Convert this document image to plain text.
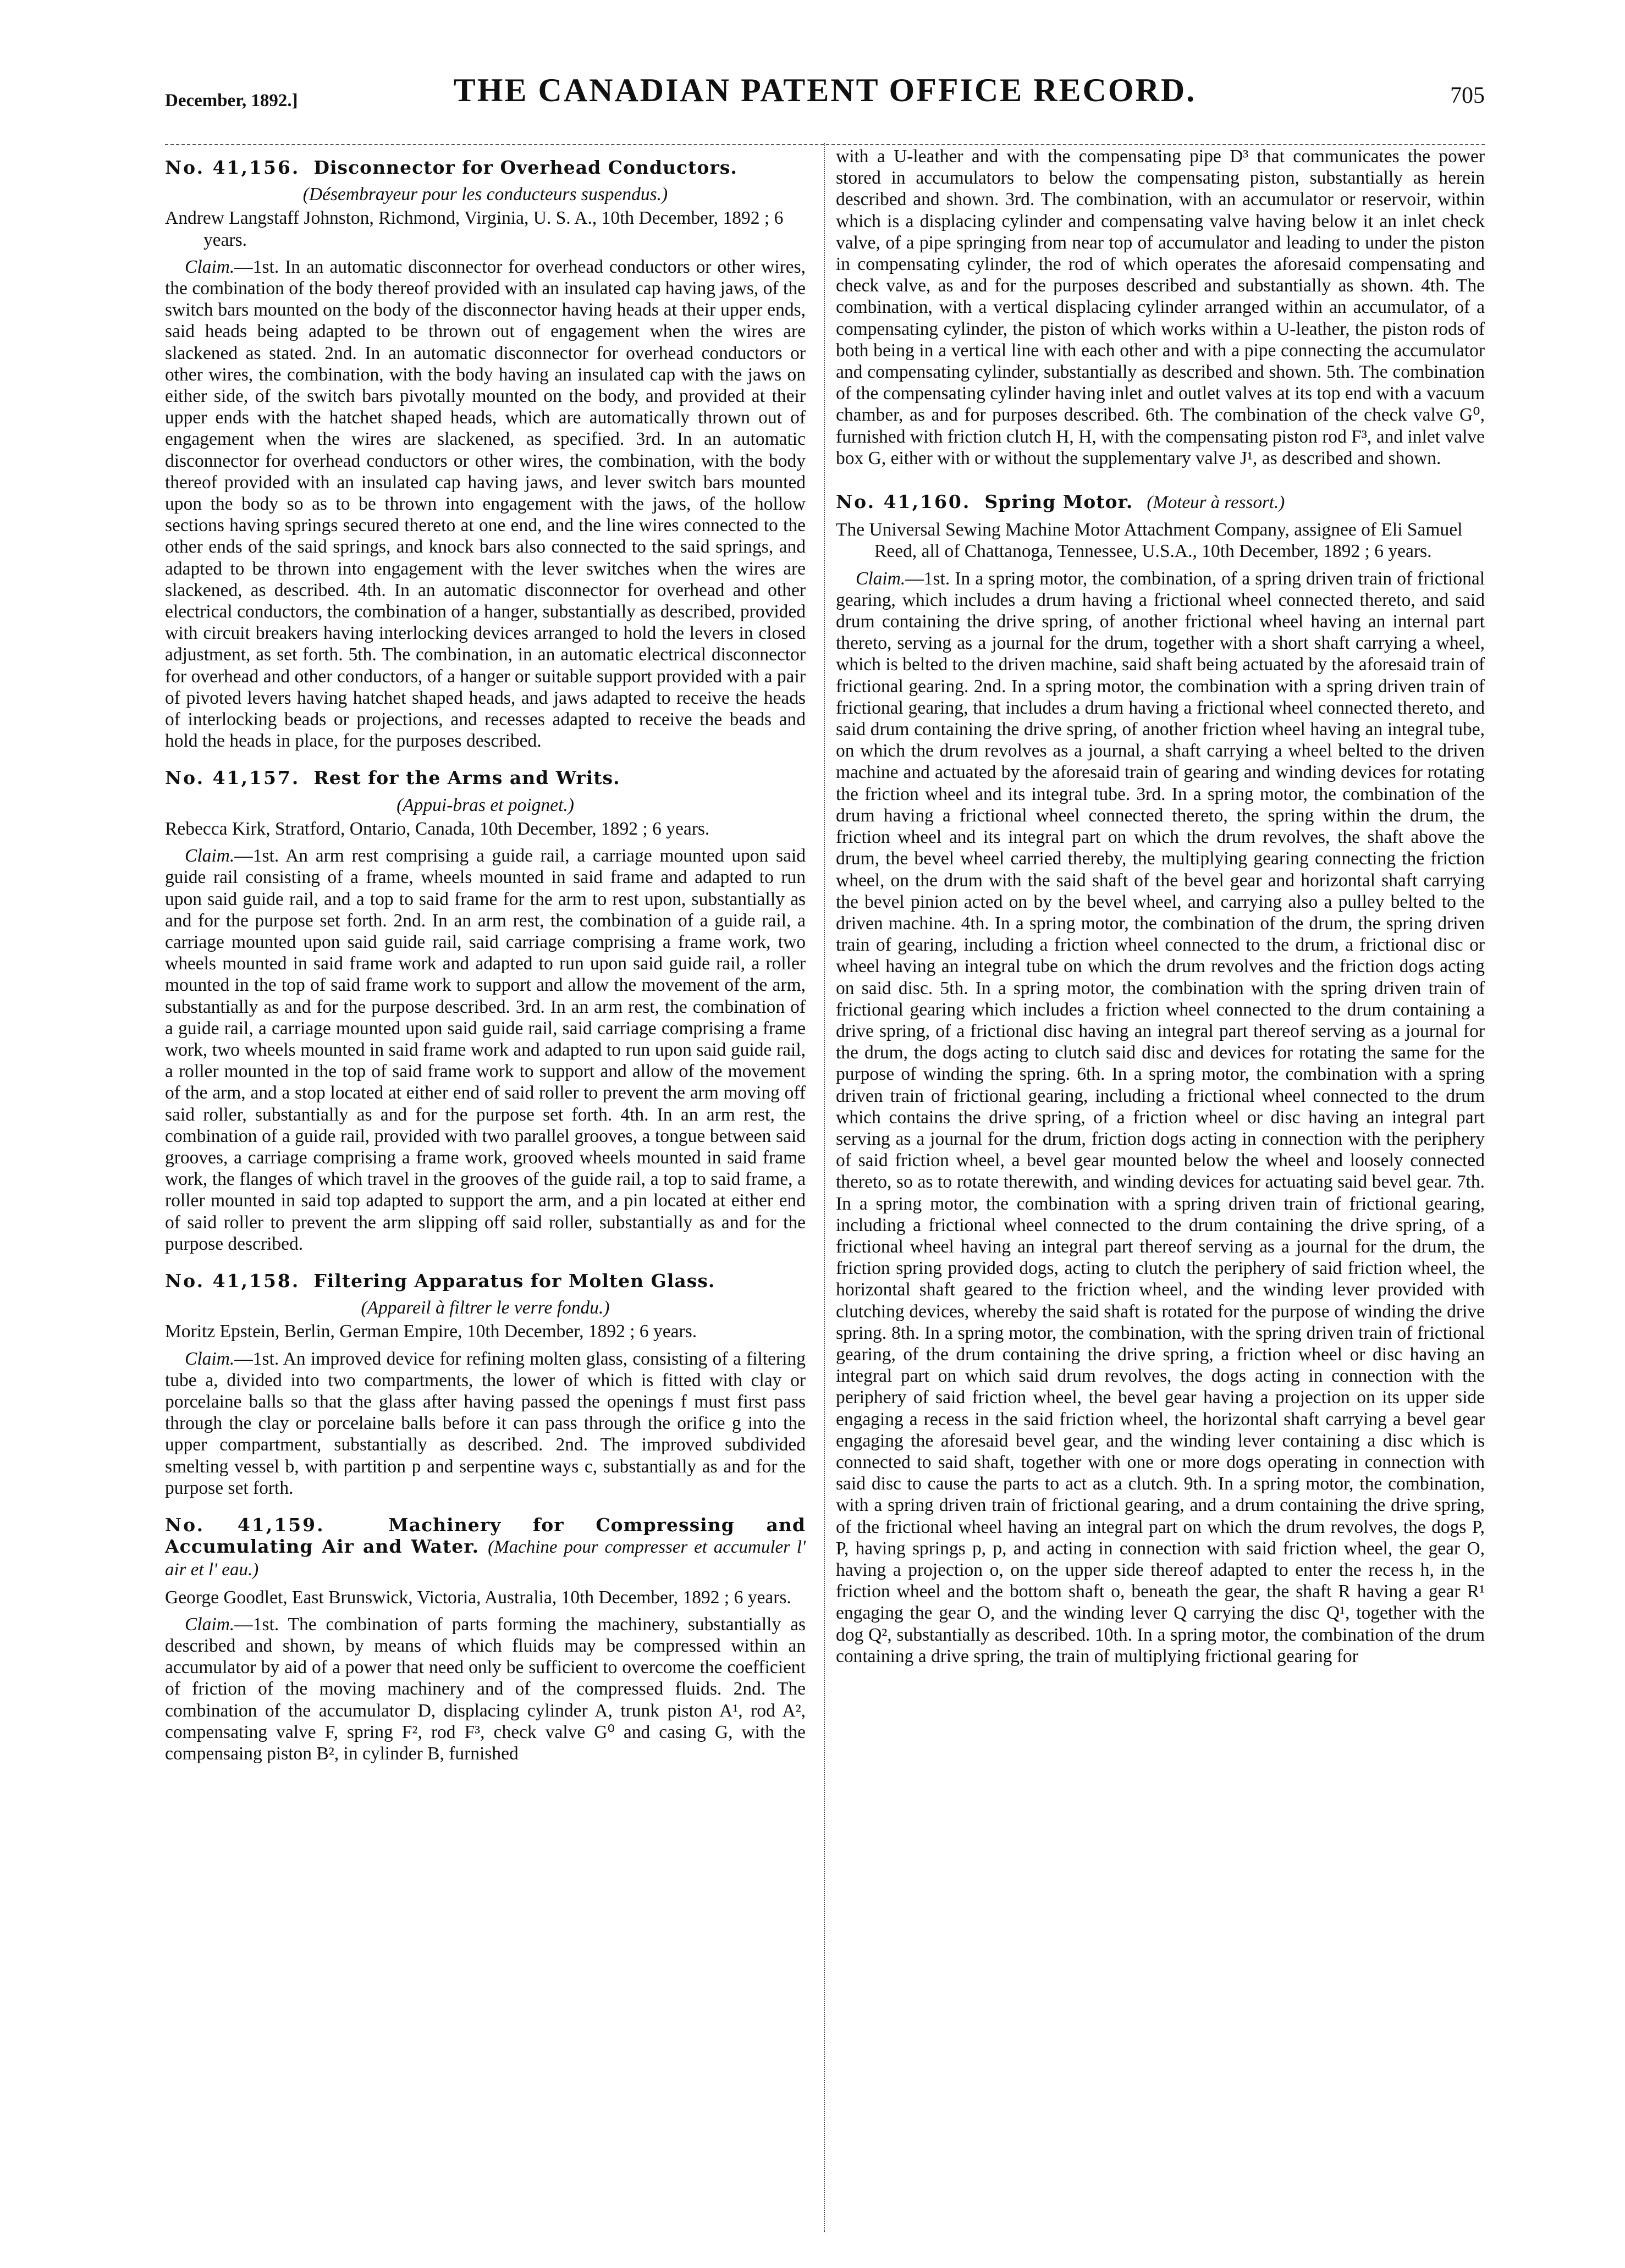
December, 1892.]	THE CANADIAN PATENT OFFICE RECORD.	705
No. 41,156. Disconnector for Overhead Conductors.
(Désembrayeur pour les conducteurs suspendus.)
Andrew Langstaff Johnston, Richmond, Virginia, U. S. A., 10th December, 1892 ; 6 years.

Claim.—1st. In an automatic disconnector for overhead conductors or other wires, the combination of the body thereof provided with an insulated cap having jaws, of the switch bars mounted on the body of the disconnector having heads at their upper ends, said heads being adapted to be thrown out of engagement when the wires are slackened as stated. 2nd. In an automatic disconnector for overhead conductors or other wires, the combination, with the body having an insulated cap with the jaws on either side, of the switch bars pivotally mounted on the body, and provided at their upper ends with the hatchet shaped heads, which are automatically thrown out of engagement when the wires are slackened, as specified. 3rd. In an automatic disconnector for overhead conductors or other wires, the combination, with the body thereof provided with an insulated cap having jaws, and lever switch bars mounted upon the body so as to be thrown into engagement with the jaws, of the hollow sections having springs secured thereto at one end, and the line wires connected to the other ends of the said springs, and knock bars also connected to the said springs, and adapted to be thrown into engagement with the lever switches when the wires are slackened, as described. 4th. In an automatic disconnector for overhead and other electrical conductors, the combination of a hanger, substantially as described, provided with circuit breakers having interlocking devices arranged to hold the levers in closed adjustment, as set forth. 5th. The combination, in an automatic electrical disconnector for overhead and other conductors, of a hanger or suitable support provided with a pair of pivoted levers having hatchet shaped heads, and jaws adapted to receive the heads of interlocking beads or projections, and recesses adapted to receive the beads and hold the heads in place, for the purposes described.

No. 41,157. Rest for the Arms and Writs.
(Appui-bras et poignet.)
Rebecca Kirk, Stratford, Ontario, Canada, 10th December, 1892 ; 6 years.

Claim.—1st. An arm rest comprising a guide rail, a carriage mounted upon said guide rail consisting of a frame, wheels mounted in said frame and adapted to run upon said guide rail, and a top to said frame for the arm to rest upon, substantially as and for the purpose set forth. 2nd. In an arm rest, the combination of a guide rail, a carriage mounted upon said guide rail, said carriage comprising a frame work, two wheels mounted in said frame work and adapted to run upon said guide rail, a roller mounted in the top of said frame work to support and allow the movement of the arm, substantially as and for the purpose described. 3rd. In an arm rest, the combination of a guide rail, a carriage mounted upon said guide rail, said carriage comprising a frame work, two wheels mounted in said frame work and adapted to run upon said guide rail, a roller mounted in the top of said frame work to support and allow of the movement of the arm, and a stop located at either end of said roller to prevent the arm moving off said roller, substantially as and for the purpose set forth. 4th. In an arm rest, the combination of a guide rail, provided with two parallel grooves, a tongue between said grooves, a carriage comprising a frame work, grooved wheels mounted in said frame work, the flanges of which travel in the grooves of the guide rail, a top to said frame, a roller mounted in said top adapted to support the arm, and a pin located at either end of said roller to prevent the arm slipping off said roller, substantially as and for the purpose described.

No. 41,158. Filtering Apparatus for Molten Glass.
(Appareil à filtrer le verre fondu.)
Moritz Epstein, Berlin, German Empire, 10th December, 1892 ; 6 years.

Claim.—1st. An improved device for refining molten glass, consisting of a filtering tube a, divided into two compartments, the lower of which is fitted with clay or porcelaine balls so that the glass after having passed the openings f must first pass through the clay or porcelaine balls before it can pass through the orifice g into the upper compartment, substantially as described. 2nd. The improved subdivided smelting vessel b, with partition p and serpentine ways c, substantially as and for the purpose set forth.

No. 41,159.	Machinery for Compressing and Accumulating Air and Water. (Machine pour compresser et accumuler l' air et l' eau.)
George Goodlet, East Brunswick, Victoria, Australia, 10th December, 1892 ; 6 years.

Claim.—1st. The combination of parts forming the machinery, substantially as described and shown, by means of which fluids may be compressed within an accumulator by aid of a power that need only be sufficient to overcome the coefficient of friction of the moving machinery and of the compressed fluids. 2nd. The combination of the accumulator D, displacing cylinder A, trunk piston A¹, rod A², compensating valve F, spring F², rod F³, check valve G⁰ and casing G, with the compensaing piston B², in cylinder B, furnished

with a U-leather and with the compensating pipe D³ that communicates the power stored in accumulators to below the compensating piston, substantially as herein described and shown. 3rd. The combination, with an accumulator or reservoir, within which is a displacing cylinder and compensating valve having below it an inlet check valve, of a pipe springing from near top of accumulator and leading to under the piston in compensating cylinder, the rod of which operates the aforesaid compensating and check valve, as and for the purposes described and substantially as shown. 4th. The combination, with a vertical displacing cylinder arranged within an accumulator, of a compensating cylinder, the piston of which works within a U-leather, the piston rods of both being in a vertical line with each other and with a pipe connecting the accumulator and compensating cylinder, substantially as described and shown. 5th. The combination of the compensating cylinder having inlet and outlet valves at its top end with a vacuum chamber, as and for purposes described. 6th. The combination of the check valve G⁰, furnished with friction clutch H, H, with the compensating piston rod F³, and inlet valve box G, either with or without the supplementary valve J¹, as described and shown.

No. 41,160. Spring Motor. (Moteur à ressort.)
The Universal Sewing Machine Motor Attachment Company, assignee of Eli Samuel Reed, all of Chattanoga, Tennessee, U.S.A., 10th December, 1892 ; 6 years.

Claim.—1st. In a spring motor, the combination, of a spring driven train of frictional gearing, which includes a drum having a frictional wheel connected thereto, and said drum containing the drive spring, of another frictional wheel having an internal part thereto, serving as a journal for the drum, together with a short shaft carrying a wheel, which is belted to the driven machine, said shaft being actuated by the aforesaid train of frictional gearing. 2nd. In a spring motor, the combination with a spring driven train of frictional gearing, that includes a drum having a frictional wheel connected thereto, and said drum containing the drive spring, of another friction wheel having an integral tube, on which the drum revolves as a journal, a shaft carrying a wheel belted to the driven machine and actuated by the aforesaid train of gearing and winding devices for rotating the friction wheel and its integral tube. 3rd. In a spring motor, the combination of the drum having a frictional wheel connected thereto, the spring within the drum, the friction wheel and its integral part on which the drum revolves, the shaft above the drum, the bevel wheel carried thereby, the multiplying gearing connecting the friction wheel, on the drum with the said shaft of the bevel gear and horizontal shaft carrying the bevel pinion acted on by the bevel wheel, and carrying also a pulley belted to the driven machine. 4th. In a spring motor, the combination of the drum, the spring driven train of gearing, including a friction wheel connected to the drum, a frictional disc or wheel having an integral tube on which the drum revolves and the friction dogs acting on said disc. 5th. In a spring motor, the combination with the spring driven train of frictional gearing which includes a friction wheel connected to the drum containing a drive spring, of a frictional disc having an integral part thereof serving as a journal for the drum, the dogs acting to clutch said disc and devices for rotating the same for the purpose of winding the spring. 6th. In a spring motor, the combination with a spring driven train of frictional gearing, including a frictional wheel connected to the drum which contains the drive spring, of a friction wheel or disc having an integral part serving as a journal for the drum, friction dogs acting in connection with the periphery of said friction wheel, a bevel gear mounted below the wheel and loosely connected thereto, so as to rotate therewith, and winding devices for actuating said bevel gear. 7th. In a spring motor, the combination with a spring driven train of frictional gearing, including a frictional wheel connected to the drum containing the drive spring, of a frictional wheel having an integral part thereof serving as a journal for the drum, the friction spring provided dogs, acting to clutch the periphery of said friction wheel, the horizontal shaft geared to the friction wheel, and the winding lever provided with clutching devices, whereby the said shaft is rotated for the purpose of winding the drive spring. 8th. In a spring motor, the combination, with the spring driven train of frictional gearing, of the drum containing the drive spring, a friction wheel or disc having an integral part on which said drum revolves, the dogs acting in connection with the periphery of said friction wheel, the bevel gear having a projection on its upper side engaging a recess in the said friction wheel, the horizontal shaft carrying a bevel gear engaging the aforesaid bevel gear, and the winding lever containing a disc which is connected to said shaft, together with one or more dogs operating in connection with said disc to cause the parts to act as a clutch. 9th. In a spring motor, the combination, with a spring driven train of frictional gearing, and a drum containing the drive spring, of the frictional wheel having an integral part on which the drum revolves, the dogs P, P, having springs p, p, and acting in connection with said friction wheel, the gear O, having a projection o, on the upper side thereof adapted to enter the recess h, in the friction wheel and the bottom shaft o, beneath the gear, the shaft R having a gear R¹ engaging the gear O, and the winding lever Q carrying the disc Q¹, together with the dog Q², substantially as described. 10th. In a spring motor, the combination of the drum containing a drive spring, the train of multiplying frictional gearing for
